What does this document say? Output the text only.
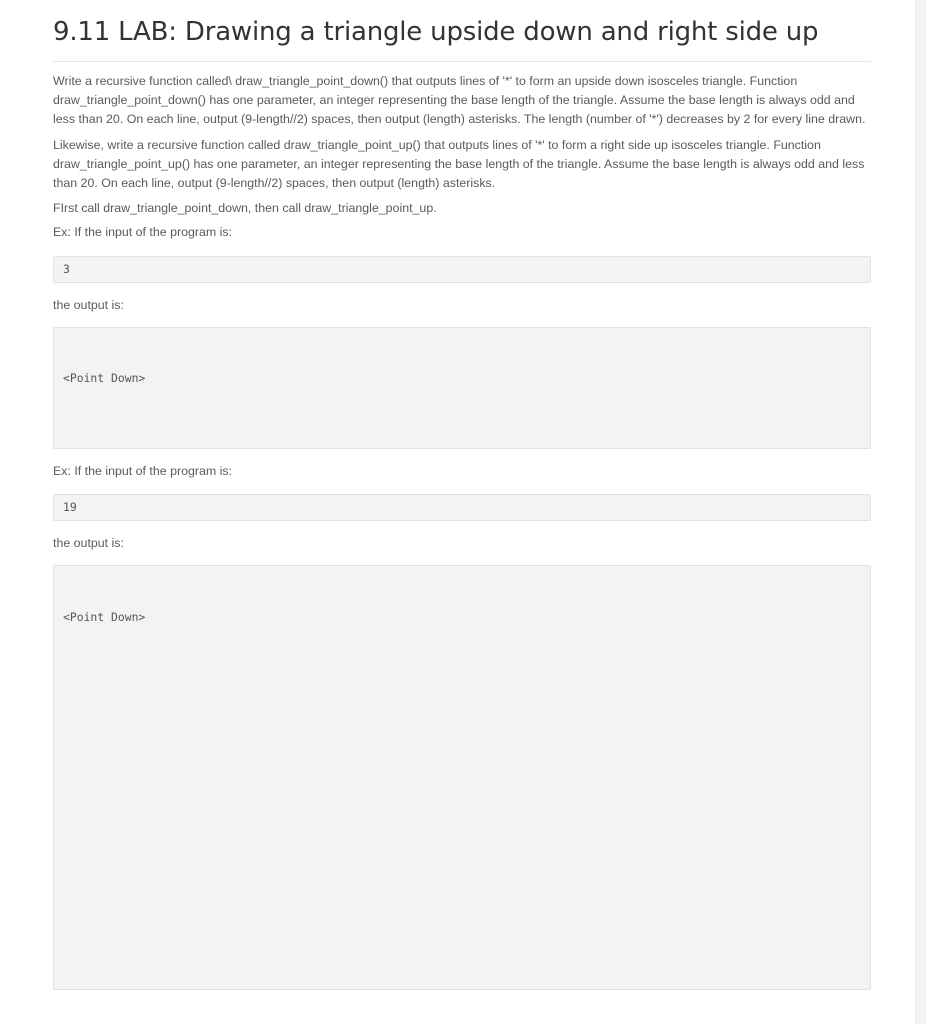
9.11 LAB: Drawing a triangle upside down and right side up

Write a recursive function called\ draw_triangle_point_down() that outputs lines of '*' to form an upside down isosceles triangle. Function draw_triangle_point_down() has one parameter, an integer representing the base length of the triangle. Assume the base length is always odd and less than 20. On each line, output (9-length//2) spaces, then output (length) asterisks. The length (number of '*') decreases by 2 for every line drawn.

Likewise, write a recursive function called draw_triangle_point_up() that outputs lines of '*' to form a right side up isosceles triangle. Function draw_triangle_point_up() has one parameter, an integer representing the base length of the triangle. Assume the base length is always odd and less than 20. On each line, output (9-length//2) spaces, then output (length) asterisks.

FIrst call draw_triangle_point_down, then call draw_triangle_point_up.

Ex: If the input of the program is:

3

the output is:

<Point Down>

Ex: If the input of the program is:

19

the output is:

<Point Down>
